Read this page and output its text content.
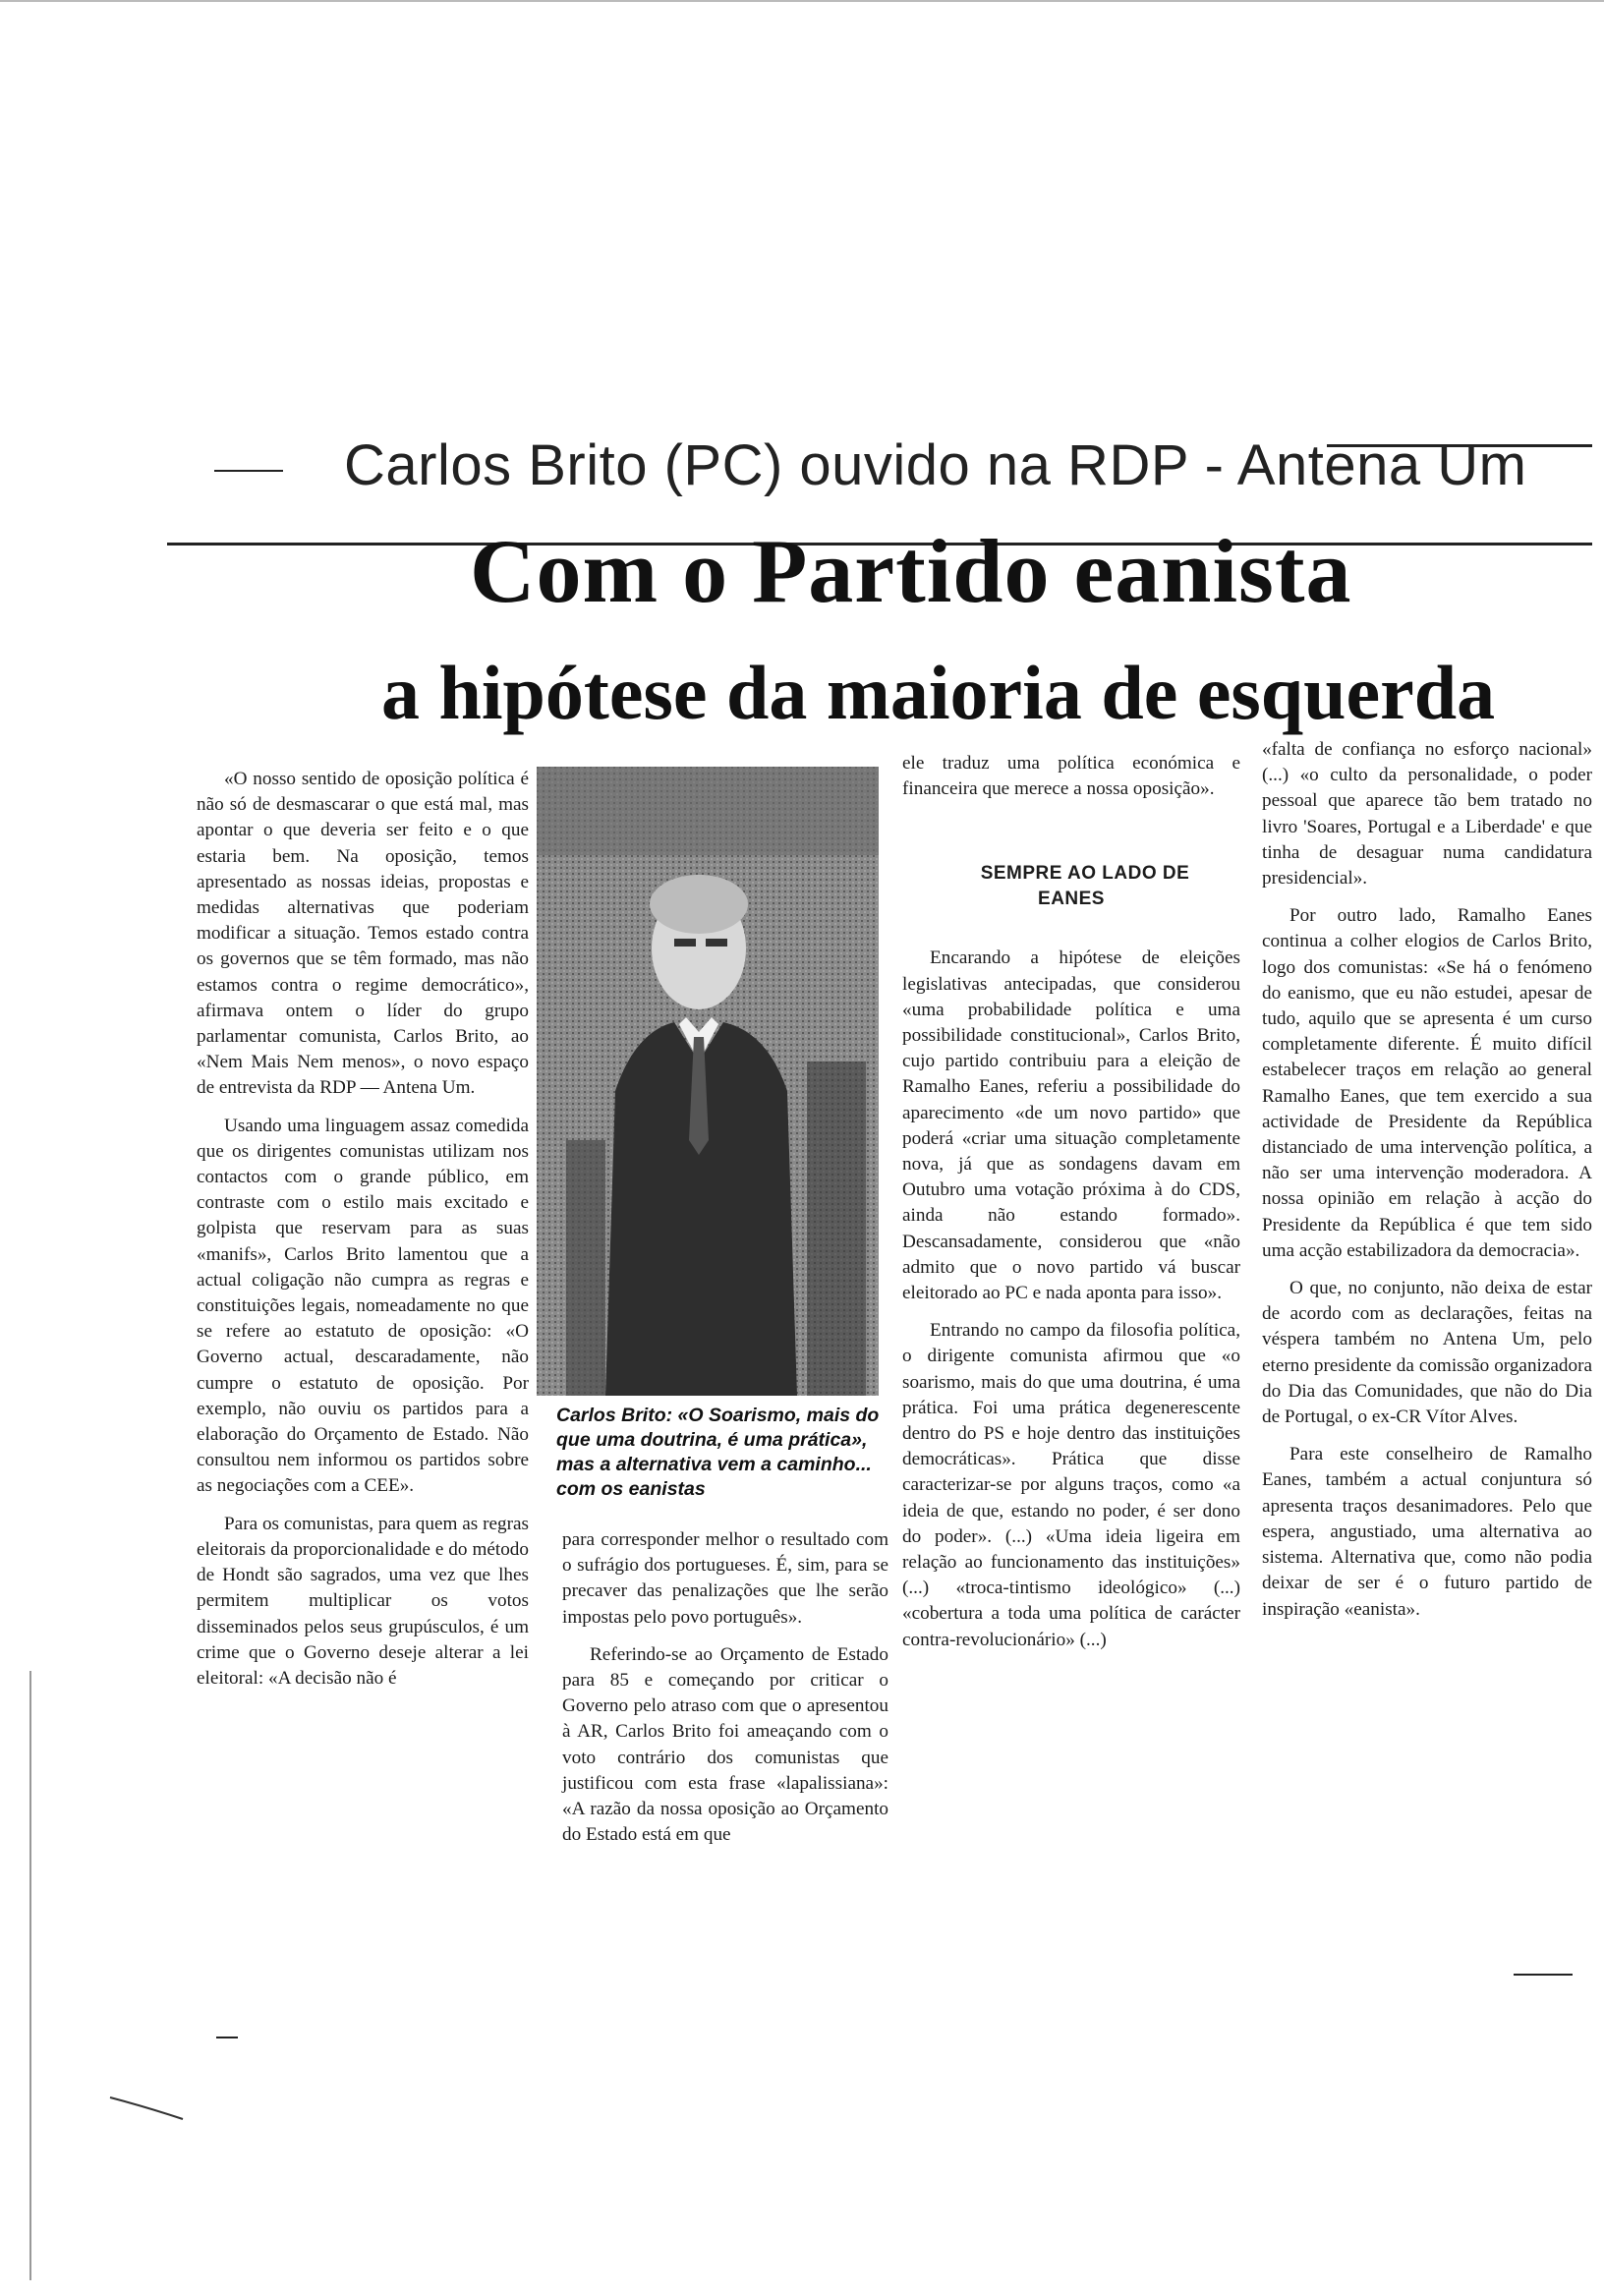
Carlos Brito (PC) ouvido na RDP - Antena Um
Com o Partido eanista
a hipótese da maioria de esquerda

«O nosso sentido de oposição política é não só de desmascarar o que está mal, mas apontar o que deveria ser feito e o que estaria bem. Na oposição, temos apresentado as nossas ideias, propostas e medidas alternativas que poderiam modificar a situação. Temos estado contra os governos que se têm formado, mas não estamos contra o regime democrático», afirmava ontem o líder do grupo parlamentar comunista, Carlos Brito, ao «Nem Mais Nem menos», o novo espaço de entrevista da RDP — Antena Um.

Usando uma linguagem assaz comedida que os dirigentes comunistas utilizam nos contactos com o grande público, em contraste com o estilo mais excitado e golpista que reservam para as suas «manifs», Carlos Brito lamentou que a actual coligação não cumpra as regras e constituições legais, nomeadamente no que se refere ao estatuto de oposição: «O Governo actual, descaradamente, não cumpre o estatuto de oposição. Por exemplo, não ouviu os partidos para a elaboração do Orçamento de Estado. Não consultou nem informou os partidos sobre as negociações com a CEE».

Para os comunistas, para quem as regras eleitorais da proporcionalidade e do método de Hondt são sagrados, uma vez que lhes permitem multiplicar os votos disseminados pelos seus grupúsculos, é um crime que o Governo deseje alterar a lei eleitoral: «A decisão não é

Carlos Brito: «O Soarismo, mais do que uma doutrina, é uma prática», mas a alternativa vem a caminho... com os eanistas

para corresponder melhor o resultado com o sufrágio dos portugueses. É, sim, para se precaver das penalizações que lhe serão impostas pelo povo português».

Referindo-se ao Orçamento de Estado para 85 e começando por criticar o Governo pelo atraso com que o apresentou à AR, Carlos Brito foi ameaçando com o voto contrário dos comunistas que justificou com esta frase «lapalissiana»: «A razão da nossa oposição ao Orçamento do Estado está em que

ele traduz uma política económica e financeira que merece a nossa oposição».

SEMPRE AO LADO DE EANES

Encarando a hipótese de eleições legislativas antecipadas, que considerou «uma probabilidade política e uma possibilidade constitucional», Carlos Brito, cujo partido contribuiu para a eleição de Ramalho Eanes, referiu a possibilidade do aparecimento «de um novo partido» que poderá «criar uma situação completamente nova, já que as sondagens davam em Outubro uma votação próxima à do CDS, ainda não estando formado». Descansadamente, considerou que «não admito que o novo partido vá buscar eleitorado ao PC e nada aponta para isso».

Entrando no campo da filosofia política, o dirigente comunista afirmou que «o soarismo, mais do que uma doutrina, é uma prática. Foi uma prática degenerescente dentro do PS e hoje dentro das instituições democráticas». Prática que disse caracterizar-se por alguns traços, como «a ideia de que, estando no poder, é ser dono do poder». (...) «Uma ideia ligeira em relação ao funcionamento das instituições» (...) «troca-tintismo ideológico» (...) «cobertura a toda uma política de carácter contra-revolucionário» (...)

«falta de confiança no esforço nacional» (...) «o culto da personalidade, o poder pessoal que aparece tão bem tratado no livro 'Soares, Portugal e a Liberdade' e que tinha de desaguar numa candidatura presidencial».

Por outro lado, Ramalho Eanes continua a colher elogios de Carlos Brito, logo dos comunistas: «Se há o fenómeno do eanismo, que eu não estudei, apesar de tudo, aquilo que se apresenta é um curso completamente diferente. É muito difícil estabelecer traços em relação ao general Ramalho Eanes, que tem exercido a sua actividade de Presidente da República distanciado de uma intervenção política, a não ser uma intervenção moderadora. A nossa opinião em relação à acção do Presidente da República é que tem sido uma acção estabilizadora da democracia».

O que, no conjunto, não deixa de estar de acordo com as declarações, feitas na véspera também no Antena Um, pelo eterno presidente da comissão organizadora do Dia das Comunidades, que não do Dia de Portugal, o ex-CR Vítor Alves.

Para este conselheiro de Ramalho Eanes, também a actual conjuntura só apresenta traços desanimadores. Pelo que espera, angustiado, uma alternativa ao sistema. Alternativa que, como não podia deixar de ser é o futuro partido de inspiração «eanista».
